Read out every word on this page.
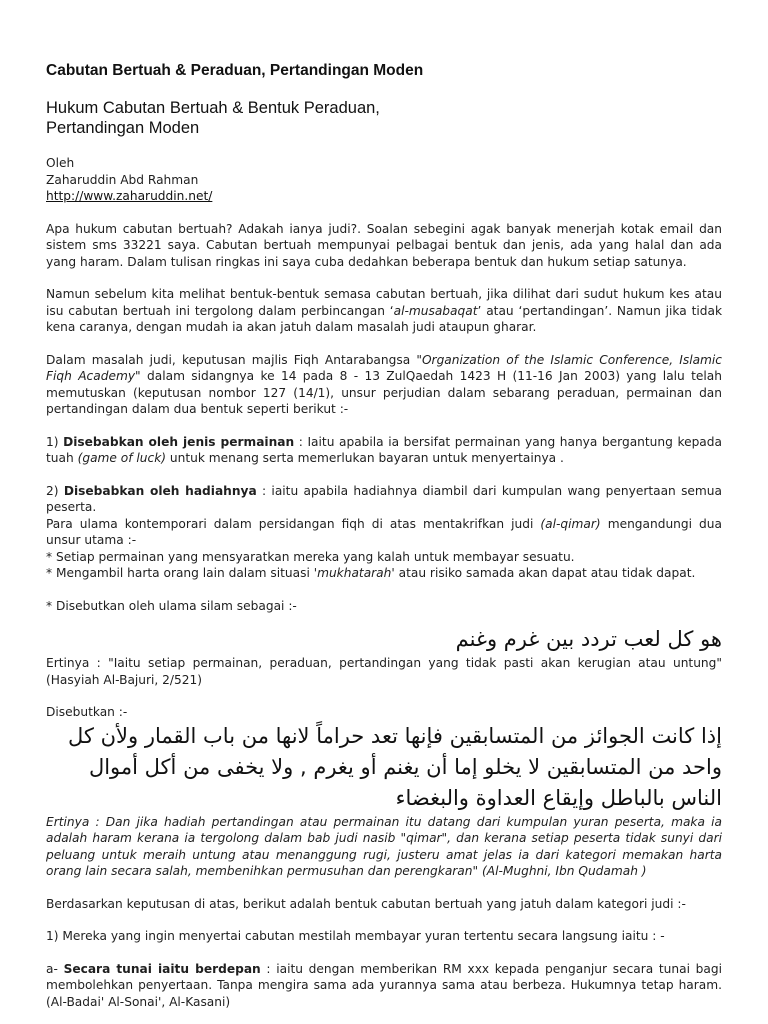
Cabutan Bertuah & Peraduan, Pertandingan Moden
Hukum Cabutan Bertuah & Bentuk Peraduan,
Pertandingan Moden
Oleh
Zaharuddin Abd Rahman
http://www.zaharuddin.net/

Apa hukum cabutan bertuah? Adakah ianya judi?. Soalan sebegini agak banyak menerjah kotak email dan sistem sms 33221 saya. Cabutan bertuah mempunyai pelbagai bentuk dan jenis, ada yang halal dan ada yang haram. Dalam tulisan ringkas ini saya cuba dedahkan beberapa bentuk dan hukum setiap satunya.

Namun sebelum kita melihat bentuk-bentuk semasa cabutan bertuah, jika dilihat dari sudut hukum kes atau isu cabutan bertuah ini tergolong dalam perbincangan ‘al-musabaqat’ atau ‘pertandingan’. Namun jika tidak kena caranya, dengan mudah ia akan jatuh dalam masalah judi ataupun gharar.

Dalam masalah judi, keputusan majlis Fiqh Antarabangsa "Organization of the Islamic Conference, Islamic Fiqh Academy" dalam sidangnya ke 14 pada 8 - 13 ZulQaedah 1423 H (11-16 Jan 2003) yang lalu telah memutuskan (keputusan nombor 127 (14/1), unsur perjudian dalam sebarang peraduan, permainan dan pertandingan dalam dua bentuk seperti berikut :-

1) Disebabkan oleh jenis permainan : Iaitu apabila ia bersifat permainan yang hanya bergantung kepada tuah (game of luck) untuk menang serta memerlukan bayaran untuk menyertainya .

2) Disebabkan oleh hadiahnya : iaitu apabila hadiahnya diambil dari kumpulan wang penyertaan semua peserta.

Para ulama kontemporari dalam persidangan fiqh di atas mentakrifkan judi (al-qimar) mengandungi dua unsur utama :-

* Setiap permainan yang mensyaratkan mereka yang kalah untuk membayar sesuatu.

* Mengambil harta orang lain dalam situasi 'mukhatarah' atau risiko samada akan dapat atau tidak dapat.

* Disebutkan oleh ulama silam sebagai :-

هو كل لعب تردد بين غرم وغنم

Ertinya : "Iaitu setiap permainan, peraduan, pertandingan yang tidak pasti akan kerugian atau untung" (Hasyiah Al-Bajuri, 2/521)

Disebutkan :-

إذا كانت الجوائز من المتسابقين فإنها تعد حراماً لانها من باب القمار ولأن كل واحد من المتسابقين لا يخلو إما أن يغنم أو يغرم , ولا يخفى من أكل أموال الناس بالباطل وإيقاع العداوة والبغضاء

Ertinya : Dan jika hadiah pertandingan atau permainan itu datang dari kumpulan yuran peserta, maka ia adalah haram kerana ia tergolong dalam bab judi nasib "qimar", dan kerana setiap peserta tidak sunyi dari peluang untuk meraih untung atau menanggung rugi, justeru amat jelas ia dari kategori memakan harta orang lain secara salah, membenihkan permusuhan dan perengkaran" (Al-Mughni, Ibn Qudamah )

Berdasarkan keputusan di atas, berikut adalah bentuk cabutan bertuah yang jatuh dalam kategori judi :-

1) Mereka yang ingin menyertai cabutan mestilah membayar yuran tertentu secara langsung iaitu : -

a- Secara tunai iaitu berdepan : iaitu dengan memberikan RM xxx kepada penganjur secara tunai bagi membolehkan penyertaan. Tanpa mengira sama ada yurannya sama atau berbeza. Hukumnya tetap haram. (Al-Badai' Al-Sonai', Al-Kasani)
